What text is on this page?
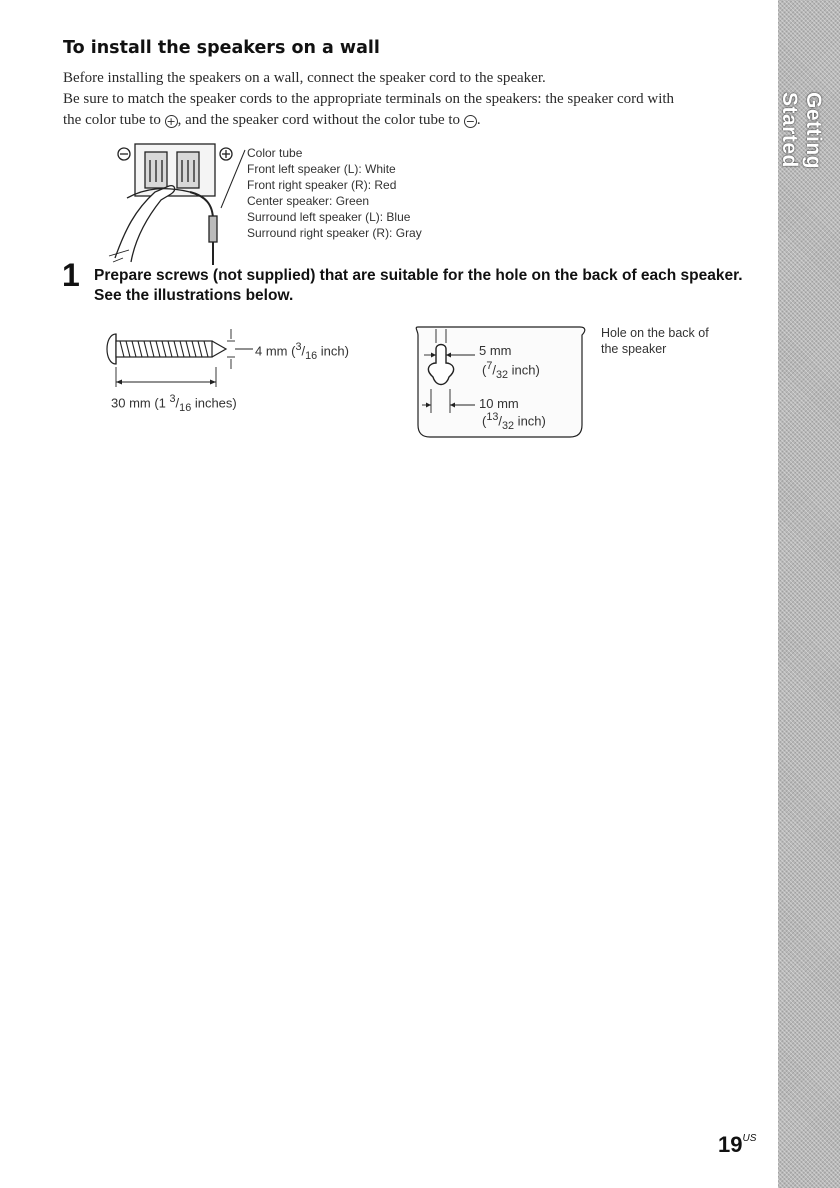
Getting Started
To install the speakers on a wall
Before installing the speakers on a wall, connect the speaker cord to the speaker.
Be sure to match the speaker cords to the appropriate terminals on the speakers: the speaker cord with
the color tube to + , and the speaker cord without the color tube to − .
Color tube
Front left speaker (L): White
Front right speaker (R): Red
Center speaker: Green
Surround left speaker (L): Blue
Surround right speaker (R): Gray
1 Prepare screws (not supplied) that are suitable for the hole on the back of each speaker.
See the illustrations below.
4 mm ($^3/_{16}$ inch)
30 mm (1 $^3/_{16}$ inches)
5 mm
($^7/_{32}$ inch)
10 mm
($^{13}/_{32}$ inch)
Hole on the back of
the speaker
$19^{US}$
